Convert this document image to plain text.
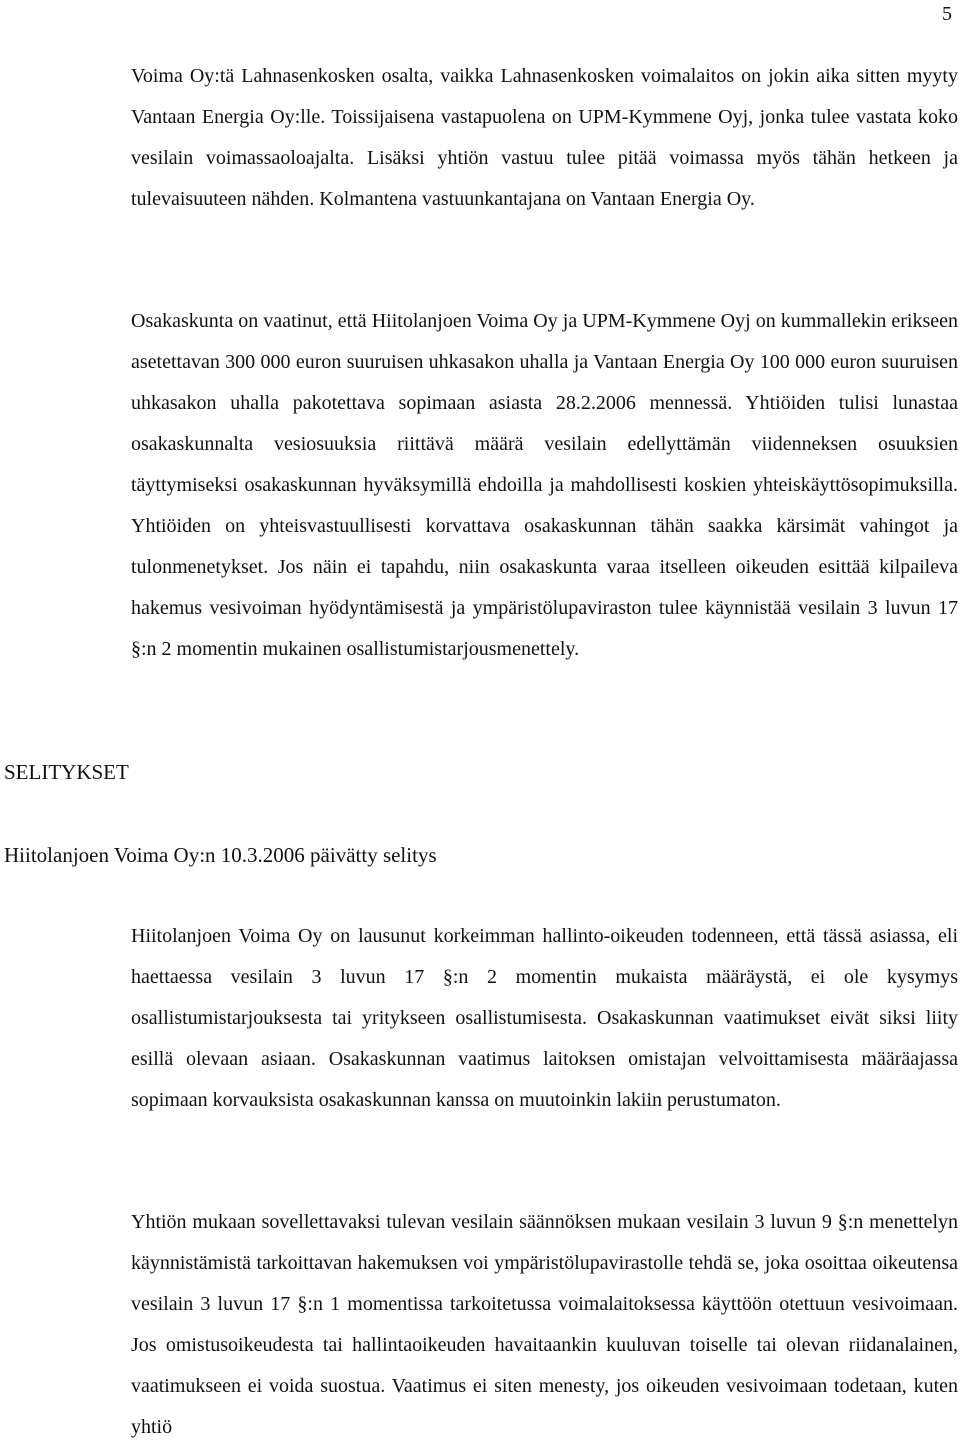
5

Voima Oy:tä Lahnasenkosken osalta, vaikka Lahnasenkosken voimalaitos on jokin aika sitten myyty Vantaan Energia Oy:lle. Toissijaisena vastapuolena on UPM-Kymmene Oyj, jonka tulee vastata koko vesilain voimassaoloajalta. Lisäksi yhtiön vastuu tulee pitää voimassa myös tähän hetkeen ja tulevaisuuteen nähden. Kolmantena vastuunkantajana on Vantaan Energia Oy.

Osakaskunta on vaatinut, että Hiitolanjoen Voima Oy ja UPM-Kymmene Oyj on kummallekin erikseen asetettavan 300 000 euron suuruisen uhkasakon uhalla ja Vantaan Energia Oy 100 000 euron suuruisen uhkasakon uhalla pakotettava sopimaan asiasta 28.2.2006 mennessä. Yhtiöiden tulisi lunastaa osakaskunnalta vesiosuuksia riittävä määrä vesilain edellyttämän viidenneksen osuuksien täyttymiseksi osakaskunnan hyväksymillä ehdoilla ja mahdollisesti koskien yhteiskäyttösopimuksilla. Yhtiöiden on yhteisvastuullisesti korvattava osakaskunnan tähän saakka kärsimät vahingot ja tulonmenetykset. Jos näin ei tapahdu, niin osakaskunta varaa itselleen oikeuden esittää kilpaileva hakemus vesivoiman hyödyntämisestä ja ympäristölupaviraston tulee käynnistää vesilain 3 luvun 17 §:n 2 momentin mukainen osallistumistarjousmenettely.

SELITYKSET
Hiitolanjoen Voima Oy:n 10.3.2006 päivätty selitys

Hiitolanjoen Voima Oy on lausunut korkeimman hallinto-oikeuden todenneen, että tässä asiassa, eli haettaessa vesilain 3 luvun 17 §:n 2 momentin mukaista määräystä, ei ole kysymys osallistumistarjouksesta tai yritykseen osallistumisesta. Osakaskunnan vaatimukset eivät siksi liity esillä olevaan asiaan. Osakaskunnan vaatimus laitoksen omistajan velvoittamisesta määräajassa sopimaan korvauksista osakaskunnan kanssa on muutoinkin lakiin perustumaton.

Yhtiön mukaan sovellettavaksi tulevan vesilain säännöksen mukaan vesilain 3 luvun 9 §:n menettelyn käynnistämistä tarkoittavan hakemuksen voi ympäristölupavirastolle tehdä se, joka osoittaa oikeutensa vesilain 3 luvun 17 §:n 1 momentissa tarkoitetussa voimalaitoksessa käyttöön otettuun vesivoimaan. Jos omistusoikeudesta tai hallintaoikeuden havaitaankin kuuluvan toiselle tai olevan riidanalainen, vaatimukseen ei voida suostua. Vaatimus ei siten menesty, jos oikeuden vesivoimaan todetaan, kuten yhtiö
